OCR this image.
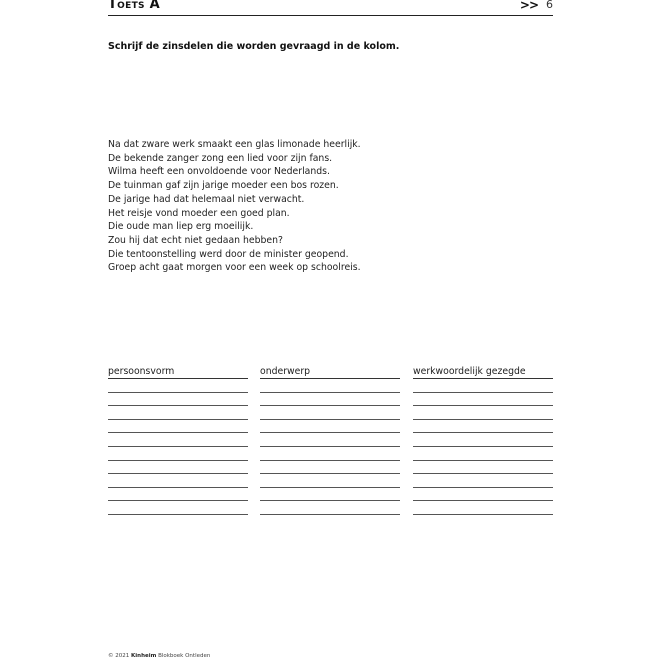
Toets A	>> 6
Schrijf de zinsdelen die worden gevraagd in de kolom.
Na dat zware werk smaakt een glas limonade heerlijk.
De bekende zanger zong een lied voor zijn fans.
Wilma heeft een onvoldoende voor Nederlands.
De tuinman gaf zijn jarige moeder een bos rozen.
De jarige had dat helemaal niet verwacht.
Het reisje vond moeder een goed plan.
Die oude man liep erg moeilijk.
Zou hij dat echt niet gedaan hebben?
Die tentoonstelling werd door de minister geopend.
Groep acht gaat morgen voor een week op schoolreis.
persoonsvorm	onderwerp	werkwoordelijk gezegde
© 2021 Kinheim Blokboek Ontleden
